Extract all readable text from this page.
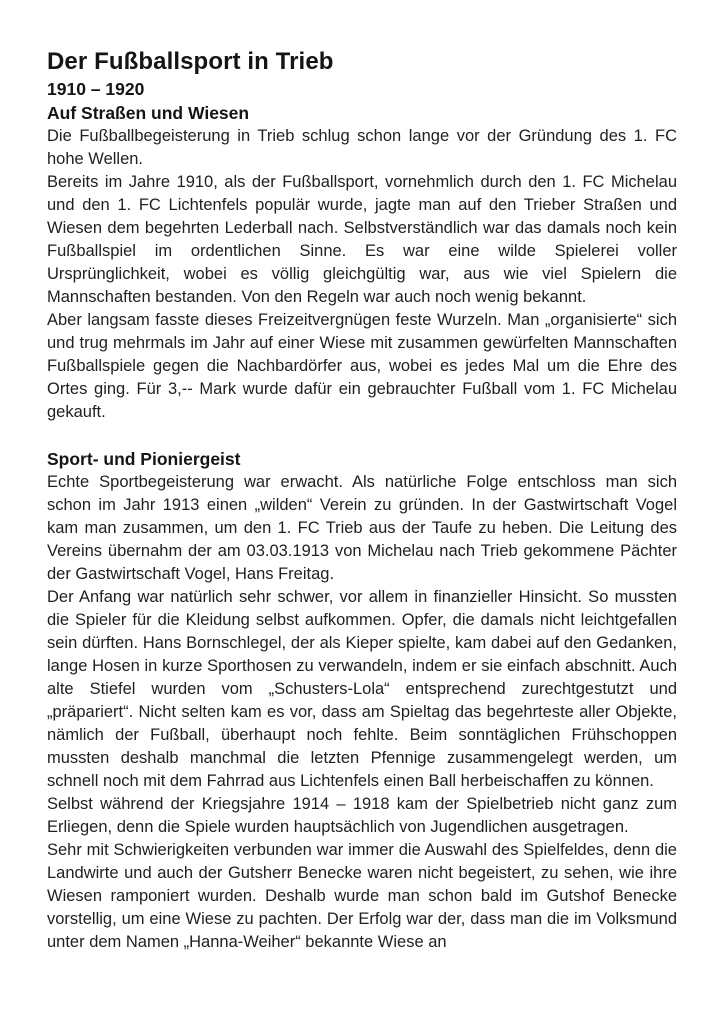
Der Fußballsport in Trieb
1910 – 1920
Auf Straßen und Wiesen

Die Fußballbegeisterung in Trieb schlug schon lange vor der Gründung des 1. FC hohe Wellen.

Bereits im Jahre 1910, als der Fußballsport, vornehmlich durch den 1. FC Michelau und den 1. FC Lichtenfels populär wurde, jagte man auf den Trieber Straßen und Wiesen dem begehrten Lederball nach. Selbstverständlich war das damals noch kein Fußballspiel im ordentlichen Sinne. Es war eine wilde Spielerei voller Ursprünglichkeit, wobei es völlig gleichgültig war, aus wie viel Spielern die Mannschaften bestanden. Von den Regeln war auch noch wenig bekannt.

Aber langsam fasste dieses Freizeitvergnügen feste Wurzeln. Man „organisierte“ sich und trug mehrmals im Jahr auf einer Wiese mit zusammen gewürfelten Mannschaften Fußballspiele gegen die Nachbardörfer aus, wobei es jedes Mal um die Ehre des Ortes ging. Für 3,-- Mark wurde dafür ein gebrauchter Fußball vom 1. FC Michelau gekauft.

Sport- und Pioniergeist

Echte Sportbegeisterung war erwacht. Als natürliche Folge entschloss man sich schon im Jahr 1913 einen „wilden“ Verein zu gründen. In der Gastwirtschaft Vogel kam man zusammen, um den 1. FC Trieb aus der Taufe zu heben. Die Leitung des Vereins übernahm der am 03.03.1913 von Michelau nach Trieb gekommene Pächter der Gastwirtschaft Vogel, Hans Freitag.

Der Anfang war natürlich sehr schwer, vor allem in finanzieller Hinsicht. So mussten die Spieler für die Kleidung selbst aufkommen. Opfer, die damals nicht leichtgefallen sein dürften. Hans Bornschlegel, der als Kieper spielte, kam dabei auf den Gedanken, lange Hosen in kurze Sporthosen zu verwandeln, indem er sie einfach abschnitt. Auch alte Stiefel wurden vom „Schusters-Lola“ entsprechend zurechtgestutzt und „präpariert“. Nicht selten kam es vor, dass am Spieltag das begehrteste aller Objekte, nämlich der Fußball, überhaupt noch fehlte. Beim sonntäglichen Frühschoppen mussten deshalb manchmal die letzten Pfennige zusammengelegt werden, um schnell noch mit dem Fahrrad aus Lichtenfels einen Ball herbeischaffen zu können.

Selbst während der Kriegsjahre 1914 – 1918 kam der Spielbetrieb nicht ganz zum Erliegen, denn die Spiele wurden hauptsächlich von Jugendlichen ausgetragen.

Sehr mit Schwierigkeiten verbunden war immer die Auswahl des Spielfeldes, denn die Landwirte und auch der Gutsherr Benecke waren nicht begeistert, zu sehen, wie ihre Wiesen ramponiert wurden. Deshalb wurde man schon bald im Gutshof Benecke vorstellig, um eine Wiese zu pachten. Der Erfolg war der, dass man die im Volksmund unter dem Namen „Hanna-Weiher“ bekannte Wiese an
